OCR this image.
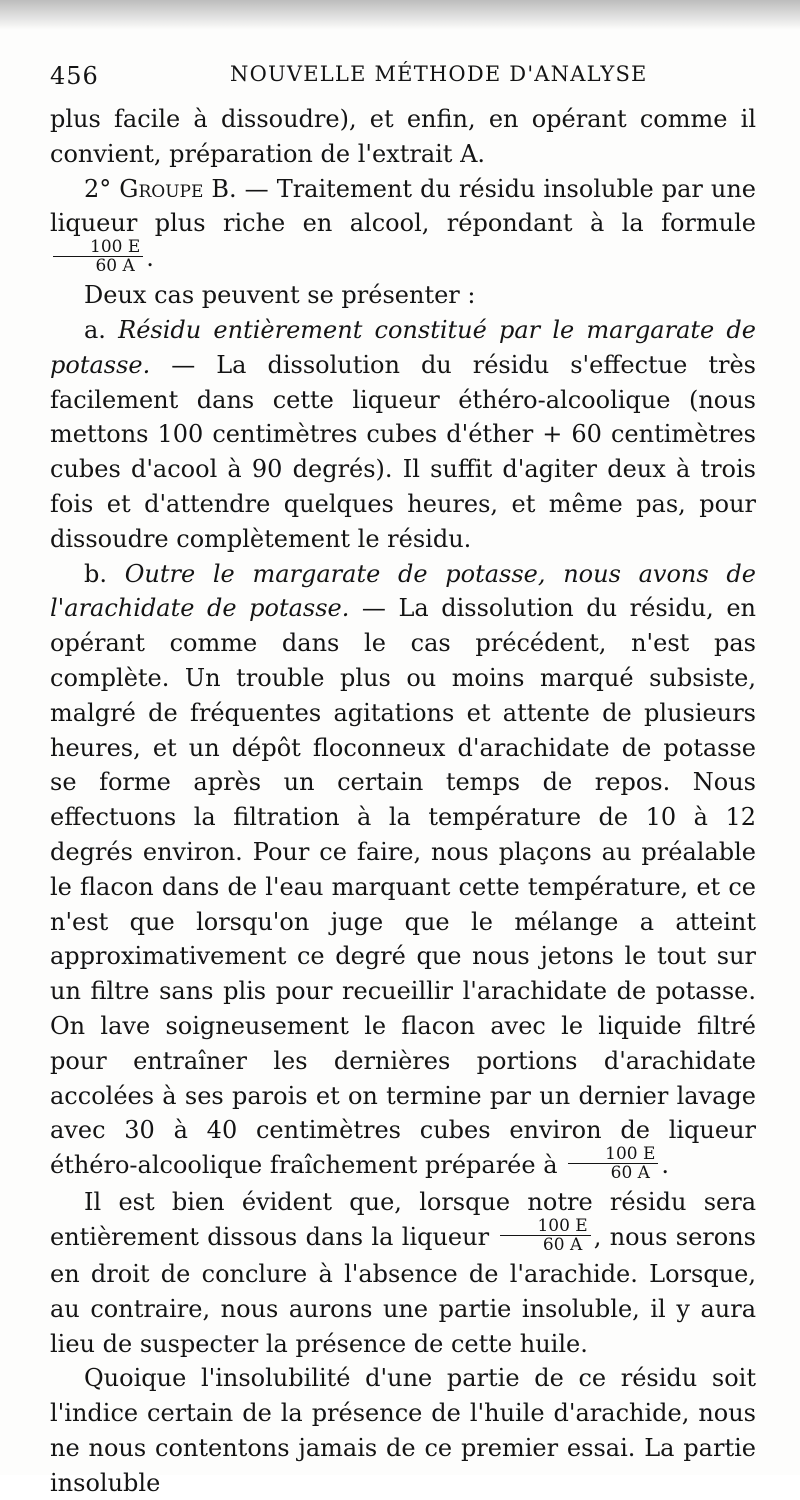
456	NOUVELLE MÉTHODE D'ANALYSE

plus facile à dissoudre), et enfin, en opérant comme il convient, préparation de l'extrait A.

2° Groupe B. — Traitement du résidu insoluble par une liqueur plus riche en alcool, répondant à la formule
$\frac{100 E}{60 A}$ .

Deux cas peuvent se présenter :

a. Résidu entièrement constitué par le margarate de potasse. — La dissolution du résidu s'effectue très facilement dans cette liqueur éthéro-alcoolique (nous mettons 100 centimètres cubes d'éther + 60 centimètres cubes d'acool à 90 degrés). Il suffit d'agiter deux à trois fois et d'attendre quelques heures, et même pas, pour dissoudre complètement le résidu.

b. Outre le margarate de potasse, nous avons de l'arachidate de potasse. — La dissolution du résidu, en opérant comme dans le cas précédent, n'est pas complète. Un trouble plus ou moins marqué subsiste, malgré de fréquentes agitations et attente de plusieurs heures, et un dépôt floconneux d'arachidate de potasse se forme après un certain temps de repos. Nous effectuons la filtration à la température de 10 à 12 degrés environ. Pour ce faire, nous plaçons au préalable le flacon dans de l'eau marquant cette température, et ce n'est que lorsqu'on juge que le mélange a atteint approximativement ce degré que nous jetons le tout sur un filtre sans plis pour recueillir l'arachidate de potasse. On lave soigneusement le flacon avec le liquide filtré pour entraîner les dernières portions d'arachidate accolées à ses parois et on termine par un dernier lavage avec 30 à 40 centimètres cubes environ de liqueur éthéro-alcoolique fraîchement préparée à $\frac{100 E}{60 A}$ .

Il est bien évident que, lorsque notre résidu sera entièrement dissous dans la liqueur $\frac{100 E}{60 A}$ , nous serons en droit de conclure à l'absence de l'arachide. Lorsque, au contraire, nous aurons une partie insoluble, il y aura lieu de suspecter la présence de cette huile.

Quoique l'insolubilité d'une partie de ce résidu soit l'indice certain de la présence de l'huile d'arachide, nous ne nous contentons jamais de ce premier essai. La partie insoluble
